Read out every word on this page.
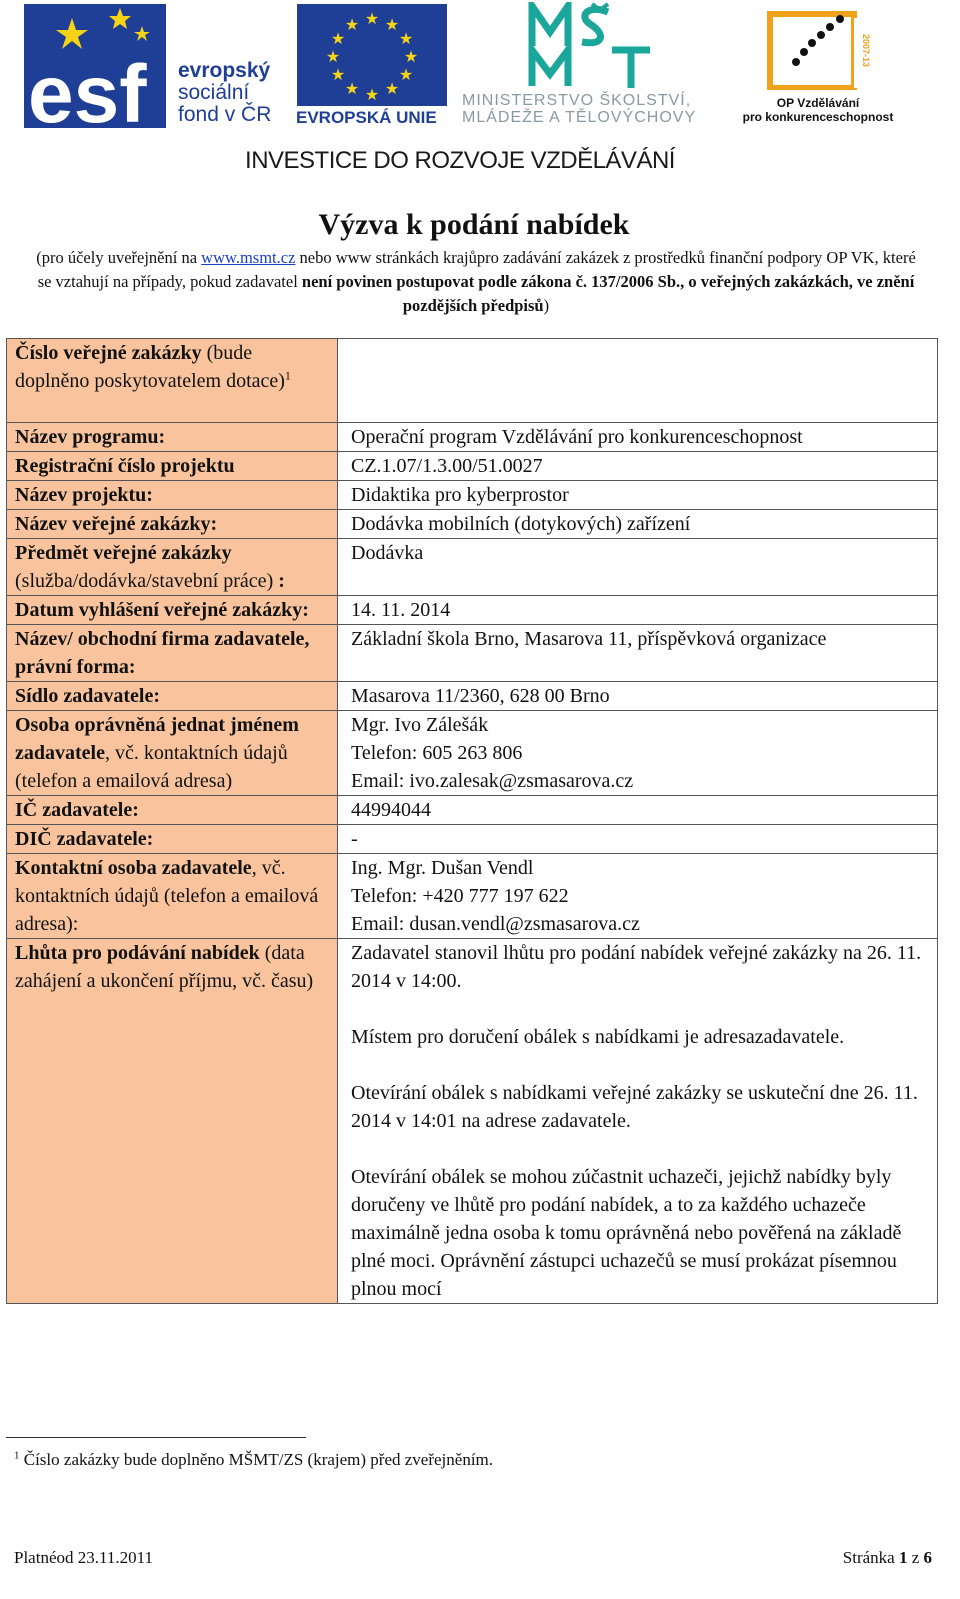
esf evropský
sociální
fond v ČR
★ ★
★
★
★
★
★
★
★
★
★
★
EVROPSKÁ UNIE
MINISTERSTVO ŠKOLSTVÍ,
MLÁDEŽE A TĚLOVÝCHOVY
2007-13
OP Vzdělávání
pro konkurenceschopnost
INVESTICE DO ROZVOJE VZDĚLÁVÁNÍ
Výzva k podání nabídek
(pro účely uveřejnění na www.msmt.cz nebo www stránkách krajůpro zadávání zakázek z prostředků finanční podpory OP VK, které se vztahují na případy, pokud zadavatel není povinen postupovat podle zákona č. 137/2006 Sb., o veřejných zakázkách, ve znění pozdějších předpisů)
Číslo veřejné zakázky (bude doplněno poskytovatelem dotace)$^1$	
Název programu:	Operační program Vzdělávání pro konkurenceschopnost
Registrační číslo projektu	CZ.1.07/1.3.00/51.0027
Název projektu:	Didaktika pro kyberprostor
Název veřejné zakázky:	Dodávka mobilních (dotykových) zařízení
Předmět veřejné zakázky
(služba/dodávka/stavební práce) :	Dodávka
Datum vyhlášení veřejné zakázky:	14. 11. 2014
Název/ obchodní firma zadavatele, právní forma:	Základní škola Brno, Masarova 11, příspěvková organizace
Sídlo zadavatele:	Masarova 11/2360, 628 00 Brno
Osoba oprávněná jednat jménem zadavatele, vč. kontaktních údajů (telefon a emailová adresa)	Mgr. Ivo Zálešák
Telefon: 605 263 806
Email: ivo.zalesak@zsmasarova.cz

IČ zadavatele:	44994044
DIČ zadavatele:	-
Kontaktní osoba zadavatele, vč. kontaktních údajů (telefon a emailová adresa):	Ing. Mgr. Dušan Vendl
Telefon: +420 777 197 622
Email: dusan.vendl@zsmasarova.cz

Lhůta pro podávání nabídek (data zahájení a ukončení příjmu, vč. času)	Zadavatel stanovil lhůtu pro podání nabídek veřejné zakázky na 26. 11. 2014 v 14:00.
Místem pro doručení obálek s nabídkami je adresazadavatele.
Otevírání obálek s nabídkami veřejné zakázky se uskuteční dne 26. 11. 2014 v 14:01 na adrese zadavatele.
Otevírání obálek se mohou zúčastnit uchazeči, jejichž nabídky byly doručeny ve lhůtě pro podání nabídek, a to za každého uchazeče maximálně jedna osoba k tomu oprávněná nebo pověřená na základě plné moci. Oprávnění zástupci uchazečů se musí prokázat písemnou plnou mocí
$^1$ Číslo zakázky bude doplněno MŠMT/ZS (krajem) před zveřejněním.
Platnéod 23.11.2011	Stránka 1 z 6
